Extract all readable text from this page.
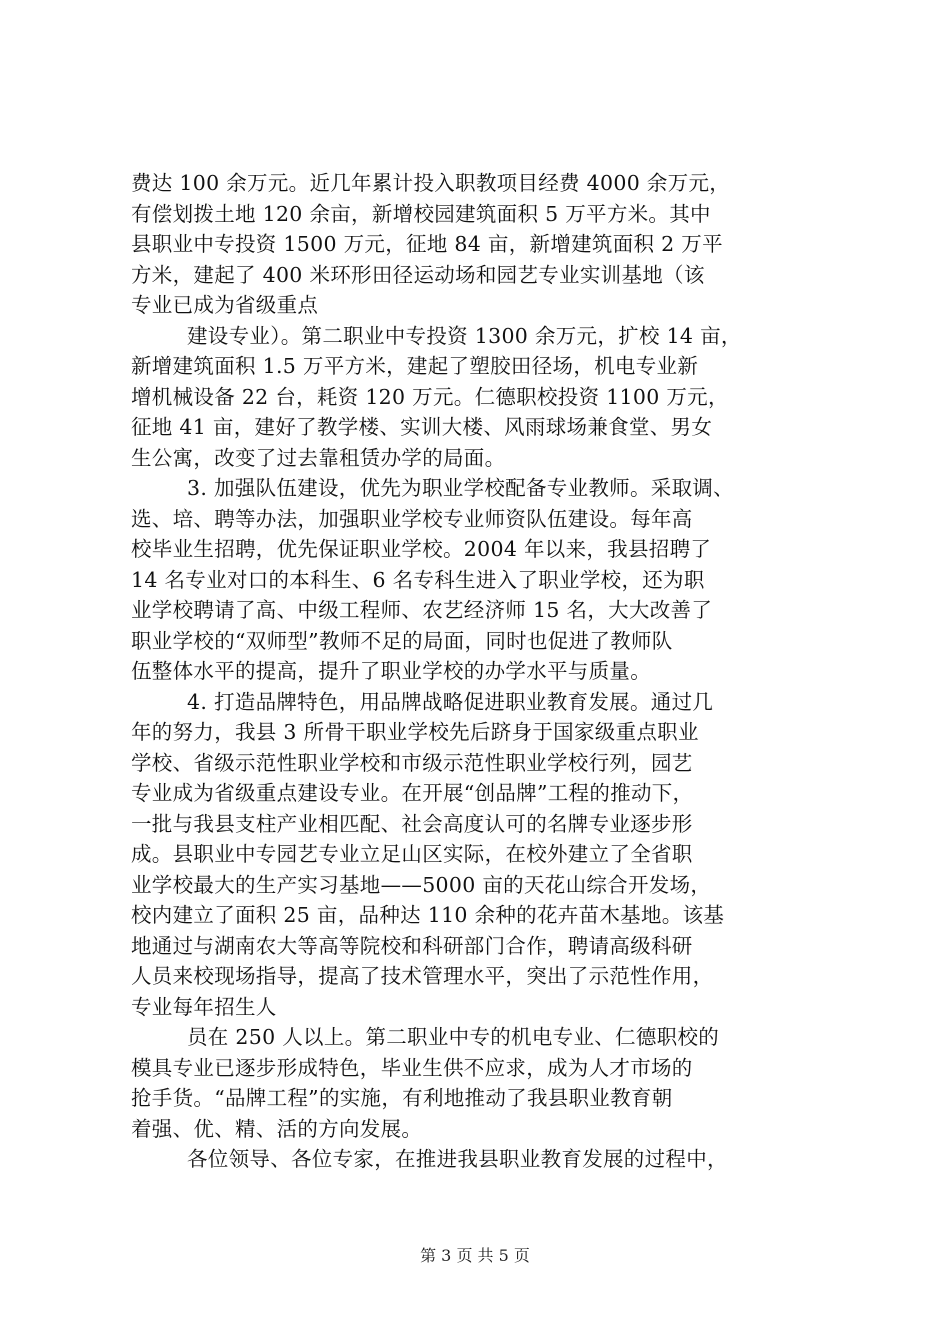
费达 100 余万元。近几年累计投入职教项目经费 4000 余万元，
有偿划拨土地 120 余亩，新增校园建筑面积 5 万平方米。其中
县职业中专投资 1500 万元，征地 84 亩，新增建筑面积 2 万平
方米，建起了 400 米环形田径运动场和园艺专业实训基地（该
专业已成为省级重点
建设专业）。第二职业中专投资 1300 余万元，扩校 14 亩，
新增建筑面积 1.5 万平方米，建起了塑胶田径场，机电专业新
增机械设备 22 台，耗资 120 万元。仁德职校投资 1100 万元，
征地 41 亩，建好了教学楼、实训大楼、风雨球场兼食堂、男女
生公寓，改变了过去靠租赁办学的局面。
3. 加强队伍建设，优先为职业学校配备专业教师。采取调、
选、培、聘等办法，加强职业学校专业师资队伍建设。每年高
校毕业生招聘，优先保证职业学校。2004 年以来，我县招聘了
14 名专业对口的本科生、6 名专科生进入了职业学校，还为职
业学校聘请了高、中级工程师、农艺经济师 15 名，大大改善了
职业学校的“双师型”教师不足的局面，同时也促进了教师队
伍整体水平的提高，提升了职业学校的办学水平与质量。
4. 打造品牌特色，用品牌战略促进职业教育发展。通过几
年的努力，我县 3 所骨干职业学校先后跻身于国家级重点职业
学校、省级示范性职业学校和市级示范性职业学校行列，园艺
专业成为省级重点建设专业。在开展“创品牌”工程的推动下，
一批与我县支柱产业相匹配、社会高度认可的名牌专业逐步形
成。县职业中专园艺专业立足山区实际，在校外建立了全省职
业学校最大的生产实习基地——5000 亩的天花山综合开发场，
校内建立了面积 25 亩，品种达 110 余种的花卉苗木基地。该基
地通过与湖南农大等高等院校和科研部门合作，聘请高级科研
人员来校现场指导，提高了技术管理水平，突出了示范性作用，
专业每年招生人
员在 250 人以上。第二职业中专的机电专业、仁德职校的
模具专业已逐步形成特色，毕业生供不应求，成为人才市场的
抢手货。“品牌工程”的实施，有利地推动了我县职业教育朝
着强、优、精、活的方向发展。
各位领导、各位专家，在推进我县职业教育发展的过程中，
第 3 页 共 5 页
